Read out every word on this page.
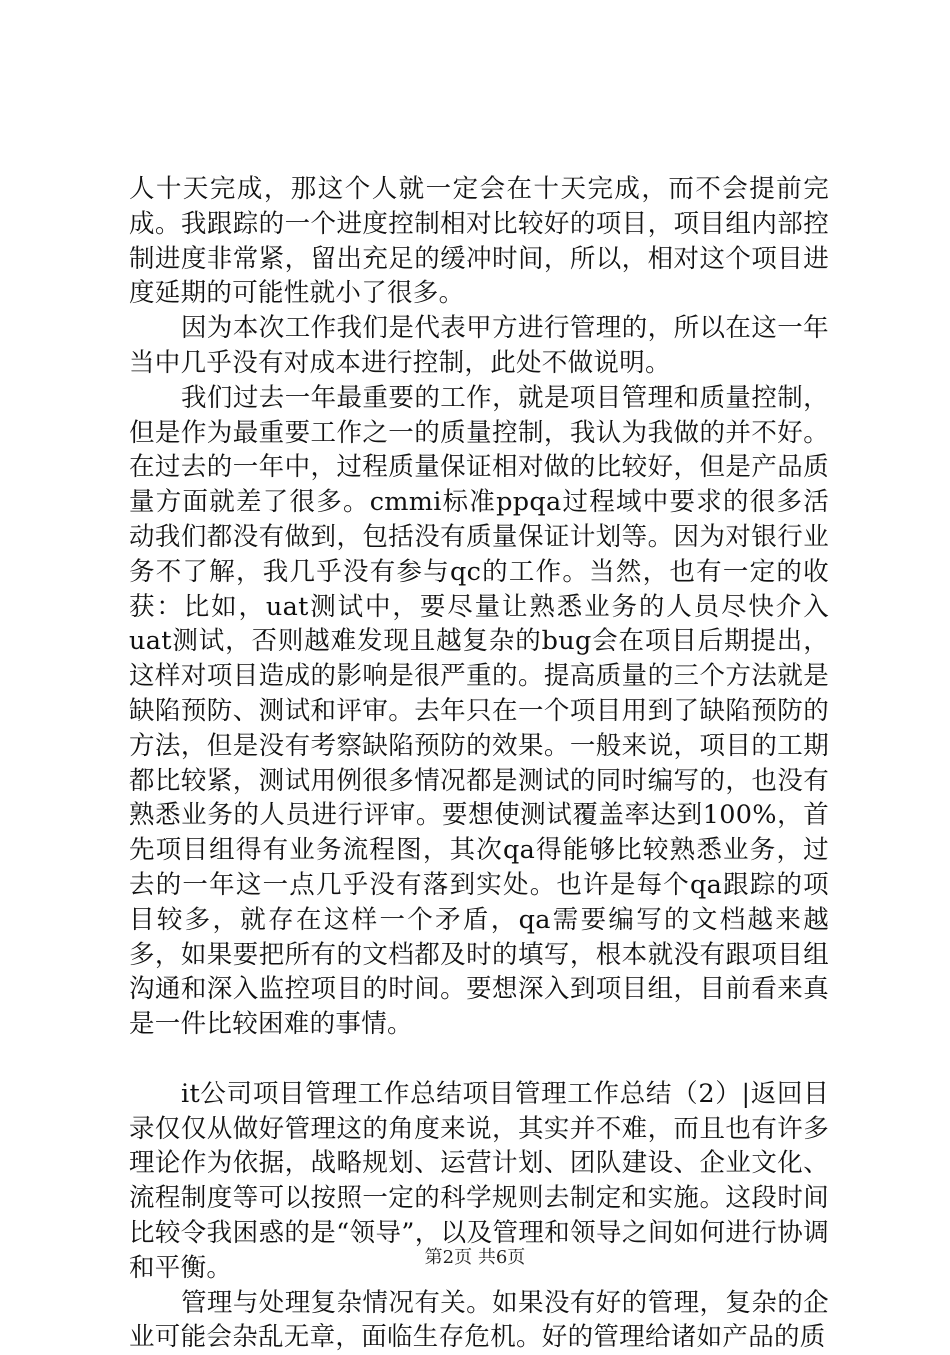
人十天完成，那这个人就一定会在十天完成，而不会提前完成。我跟踪的一个进度控制相对比较好的项目，项目组内部控制进度非常紧，留出充足的缓冲时间，所以，相对这个项目进度延期的可能性就小了很多。

因为本次工作我们是代表甲方进行管理的，所以在这一年当中几乎没有对成本进行控制，此处不做说明。

我们过去一年最重要的工作，就是项目管理和质量控制，但是作为最重要工作之一的质量控制，我认为我做的并不好。在过去的一年中，过程质量保证相对做的比较好，但是产品质量方面就差了很多。cmmi标准ppqa过程域中要求的很多活动我们都没有做到，包括没有质量保证计划等。因为对银行业务不了解，我几乎没有参与qc的工作。当然，也有一定的收获：比如，uat测试中，要尽量让熟悉业务的人员尽快介入uat测试，否则越难发现且越复杂的bug会在项目后期提出，这样对项目造成的影响是很严重的。提高质量的三个方法就是缺陷预防、测试和评审。去年只在一个项目用到了缺陷预防的方法，但是没有考察缺陷预防的效果。一般来说，项目的工期都比较紧，测试用例很多情况都是测试的同时编写的，也没有熟悉业务的人员进行评审。要想使测试覆盖率达到100%，首先项目组得有业务流程图，其次qa得能够比较熟悉业务，过去的一年这一点几乎没有落到实处。也许是每个qa跟踪的项目较多，就存在这样一个矛盾，qa需要编写的文档越来越多，如果要把所有的文档都及时的填写，根本就没有跟项目组沟通和深入监控项目的时间。要想深入到项目组，目前看来真是一件比较困难的事情。

it公司项目管理工作总结项目管理工作总结（2）|返回目录仅仅从做好管理这的角度来说，其实并不难，而且也有许多理论作为依据，战略规划、运营计划、团队建设、企业文化、流程制度等可以按照一定的科学规则去制定和实施。这段时间比较令我困惑的是“领导”，以及管理和领导之间如何进行协调和平衡。

管理与处理复杂情况有关。如果没有好的管理，复杂的企业可能会杂乱无章，面临生存危机。好的管理给诸如产品的质

第2页 共6页
